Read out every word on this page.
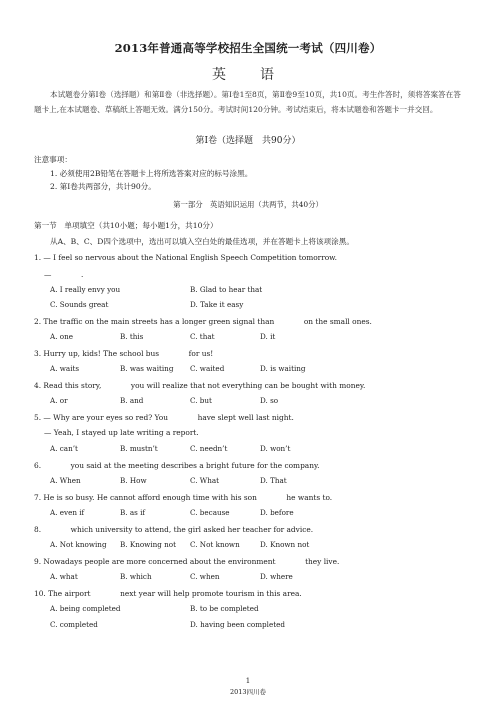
2013年普通高等学校招生全国统一考试（四川卷）
英　语
本试题卷分第Ⅰ卷（选择题）和第Ⅱ卷（非选择题）。第Ⅰ卷1至8页，第Ⅱ卷9至10页，共10页。考生作答时，须将答案答在答题卡上,在本试题卷、草稿纸上答题无效。满分150分。考试时间120分钟。考试结束后，将本试题卷和答题卡一并交回。
第Ⅰ卷（选择题　共90分）
注意事项：
1. 必须使用2B铅笔在答题卡上将所选答案对应的标号涂黑。
2. 第Ⅰ卷共两部分，共计90分。
第一部分　英语知识运用（共两节，共40分）
第一节　单项填空（共10小题；每小题1分，共10分）
从A、B、C、D四个选项中，选出可以填入空白处的最佳选项，并在答题卡上将该项涂黑。
1. — I feel so nervous about the National English Speech Competition tomorrow.
—　　　　.
A. I really envy you	B. Glad to hear that
C. Sounds great	D. Take it easy
2. The traffic on the main streets has a longer green signal than　　　　on the small ones.
A. one	B. this	C. that	D. it
3. Hurry up, kids! The school bus　　　　for us!
A. waits	B. was waiting C. waited	D. is waiting
4. Read this story,　　　　you will realize that not everything can be bought with money.
A. or	B. and	C. but	D. so
5. — Why are your eyes so red? You　　　　have slept well last night.
— Yeah, I stayed up late writing a report.
A. can’t	B. mustn’t	C. needn’t	D. won’t
6.　　　　you said at the meeting describes a bright future for the company.
A. When	B. How	C. What	D. That
7. He is so busy. He cannot afford enough time with his son　　　　he wants to.
A. even if	B. as if	C. because	D. before
8.　　　　which university to attend, the girl asked her teacher for advice.
A. Not knowing B. Knowing not C. Not known	D. Known not
9. Nowadays people are more concerned about the environment　　　　they live.
A. what	B. which	C. when	D. where
10. The airport　　　　next year will help promote tourism in this area.
A. being completed	B. to be completed
C. completed	D. having been completed
1
2013四川卷
